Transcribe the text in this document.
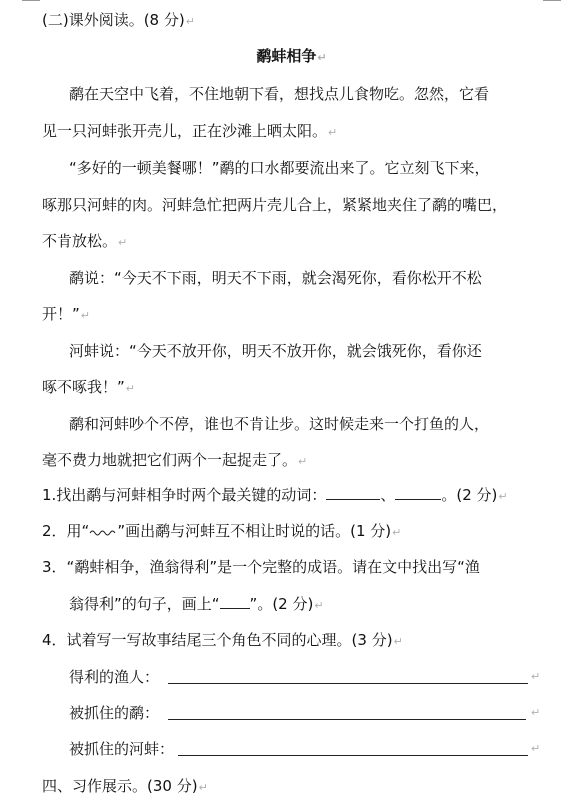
(二)课外阅读。(8 分)↵
鹬蚌相争↵
鹬在天空中飞着，不住地朝下看，想找点儿食物吃。忽然，它看
见一只河蚌张开壳儿，正在沙滩上晒太阳。↵
“多好的一顿美餐哪！”鹬的口水都要流出来了。它立刻飞下来，
啄那只河蚌的肉。河蚌急忙把两片壳儿合上，紧紧地夹住了鹬的嘴巴，
不肯放松。↵
鹬说：“今天不下雨，明天不下雨，就会渴死你，看你松开不松
开！”↵
河蚌说：“今天不放开你，明天不放开你，就会饿死你，看你还
啄不啄我！”↵
鹬和河蚌吵个不停，谁也不肯让步。这时候走来一个打鱼的人，
毫不费力地就把它们两个一起捉走了。↵
1.找出鹬与河蚌相争时两个最关键的动词：	、	。(2 分)↵
2．用“ ”画出鹬与河蚌互不相让时说的话。(1 分)↵
3．“鹬蚌相争，渔翁得利”是一个完整的成语。请在文中找出写“渔
翁得利”的句子，画上“ ”。(2 分)↵
4．试着写一写故事结尾三个角色不同的心理。(3 分)↵
得利的渔人：	↵
被抓住的鹬：	↵
被抓住的河蚌：	↵
四、习作展示。(30 分)↵
